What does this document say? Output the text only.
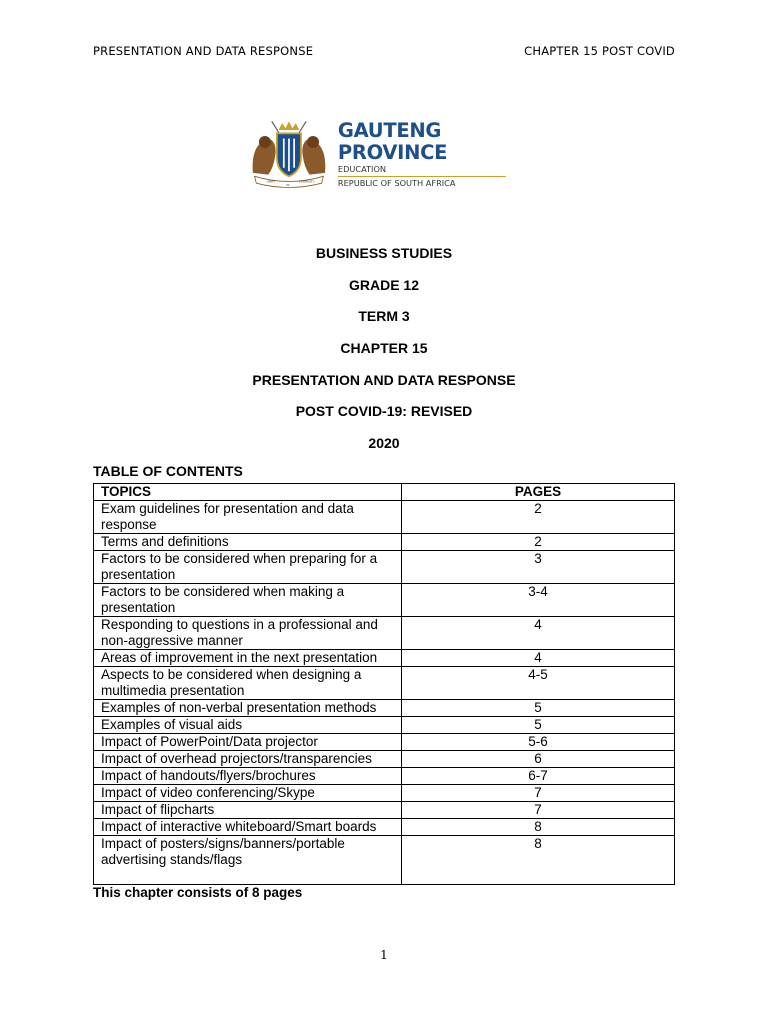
PRESENTATION AND DATA RESPONSE	CHAPTER 15 POST COVID
UNITY
IN
DIVERSITY
GAUTENG PROVINCE
EDUCATION
REPUBLIC OF SOUTH AFRICA
BUSINESS STUDIES
GRADE 12
TERM 3
CHAPTER 15
PRESENTATION AND DATA RESPONSE
POST COVID-19: REVISED
2020
TABLE OF CONTENTS
TOPICS	PAGES
Exam guidelines for presentation and data response	2
Terms and definitions	2
Factors to be considered when preparing for a presentation	3
Factors to be considered when making a presentation	3-4
Responding to questions in a professional and non-aggressive manner	4
Areas of improvement in the next presentation	4
Aspects to be considered when designing a multimedia presentation	4-5
Examples of non-verbal presentation methods	5
Examples of visual aids	5
Impact of PowerPoint/Data projector	5-6
Impact of overhead projectors/transparencies	6
Impact of handouts/flyers/brochures	6-7
Impact of video conferencing/Skype	7
Impact of flipcharts	7
Impact of interactive whiteboard/Smart boards	8
Impact of posters/signs/banners/portable advertising stands/flags	8
This chapter consists of 8 pages
1
